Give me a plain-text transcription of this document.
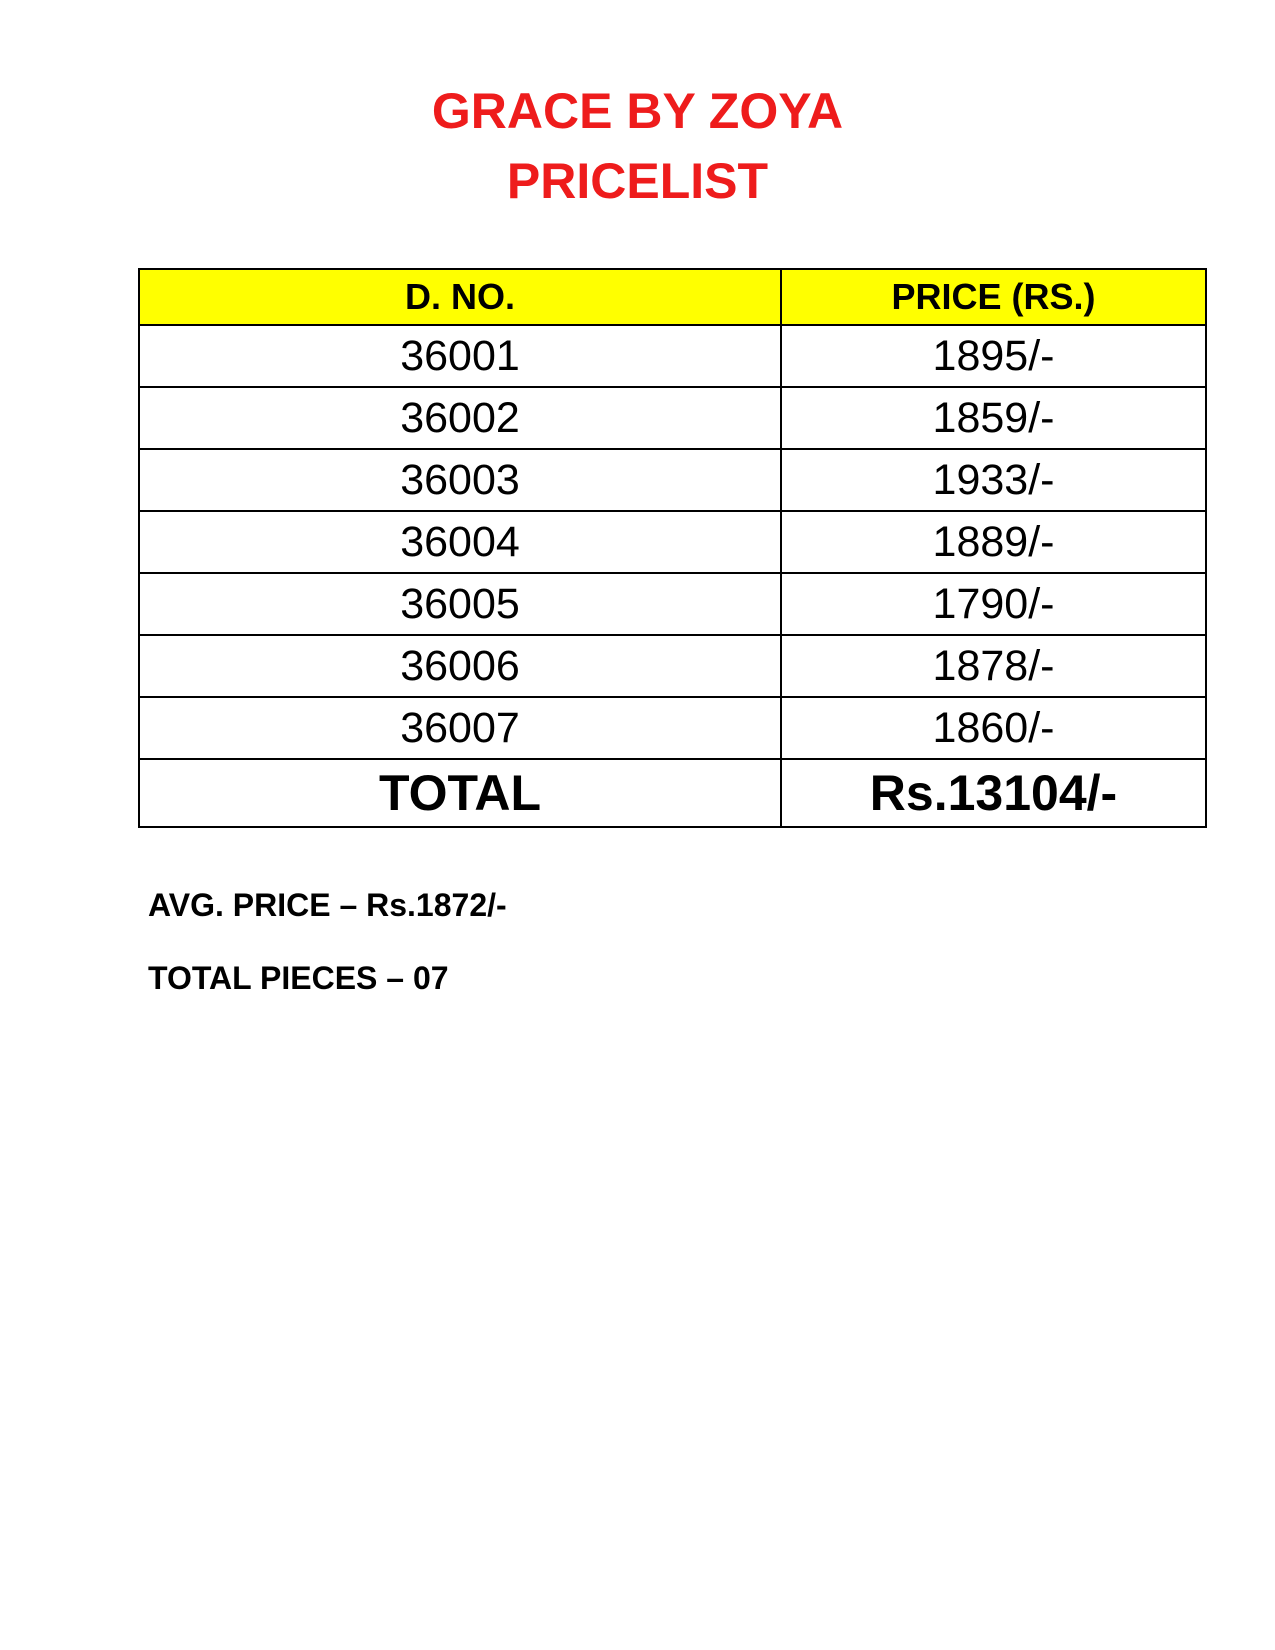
GRACE BY ZOYA
PRICELIST
D. NO.	PRICE (RS.)
36001	1895/-
36002	1859/-
36003	1933/-
36004	1889/-
36005	1790/-
36006	1878/-
36007	1860/-
TOTAL	Rs.13104/-
AVG. PRICE – Rs.1872/-
TOTAL PIECES – 07
